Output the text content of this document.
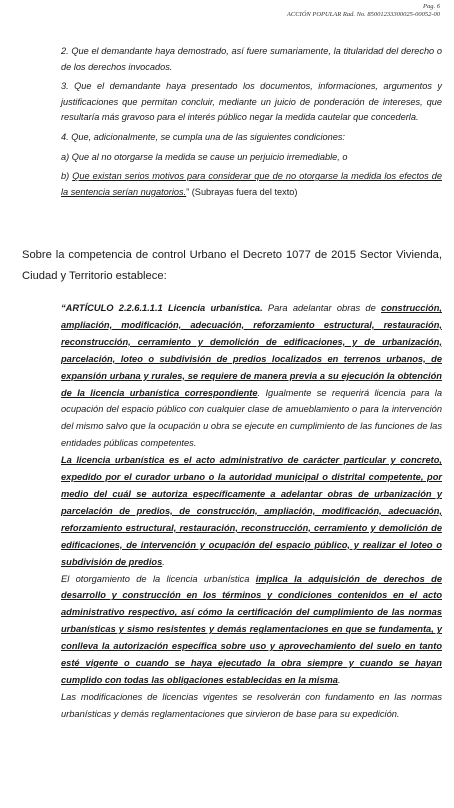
Pag. 6
ACCIÓN POPULAR Rad. No. 85001233300025-00052-00

2. Que el demandante haya demostrado, así fuere sumariamente, la titularidad del derecho o de los derechos invocados.

3. Que el demandante haya presentado los documentos, informaciones, argumentos y justificaciones que permitan concluir, mediante un juicio de ponderación de intereses, que resultaría más gravoso para el interés público negar la medida cautelar que concederla.

4. Que, adicionalmente, se cumpla una de las siguientes condiciones:

a) Que al no otorgarse la medida se cause un perjuicio irremediable, o

b) Que existan serios motivos para considerar que de no otorgarse la medida los efectos de la sentencia serían nugatorios.” (Subrayas fuera del texto)

Sobre la competencia de control Urbano el Decreto 1077 de 2015 Sector Vivienda, Ciudad y Territorio establece:

“ARTÍCULO 2.2.6.1.1.1 Licencia urbanística. Para adelantar obras de construcción, ampliación, modificación, adecuación, reforzamiento estructural, restauración, reconstrucción, cerramiento y demolición de edificaciones, y de urbanización, parcelación, loteo o subdivisión de predios localizados en terrenos urbanos, de expansión urbana y rurales, se requiere de manera previa a su ejecución la obtención de la licencia urbanística correspondiente. Igualmente se requerirá licencia para la ocupación del espacio público con cualquier clase de amueblamiento o para la intervención del mismo salvo que la ocupación u obra se ejecute en cumplimiento de las funciones de las entidades públicas competentes.

La licencia urbanística es el acto administrativo de carácter particular y concreto, expedido por el curador urbano o la autoridad municipal o distrital competente, por medio del cuál se autoriza específicamente a adelantar obras de urbanización y parcelación de predios, de construcción, ampliación, modificación, adecuación, reforzamiento estructural, restauración, reconstrucción, cerramiento y demolición de edificaciones, de intervención y ocupación del espacio público, y realizar el loteo o subdivisión de predios.

El otorgamiento de la licencia urbanística implica la adquisición de derechos de desarrollo y construcción en los términos y condiciones contenidos en el acto administrativo respectivo, así cómo la certificación del cumplimiento de las normas urbanísticas y sismo resistentes y demás reglamentaciones en que se fundamenta, y conlleva la autorización específica sobre uso y aprovechamiento del suelo en tanto esté vigente o cuando se haya ejecutado la obra siempre y cuando se hayan cumplido con todas las obligaciones establecidas en la misma.

Las modificaciones de licencias vigentes se resolverán con fundamento en las normas urbanísticas y demás reglamentaciones que sirvieron de base para su expedición.
